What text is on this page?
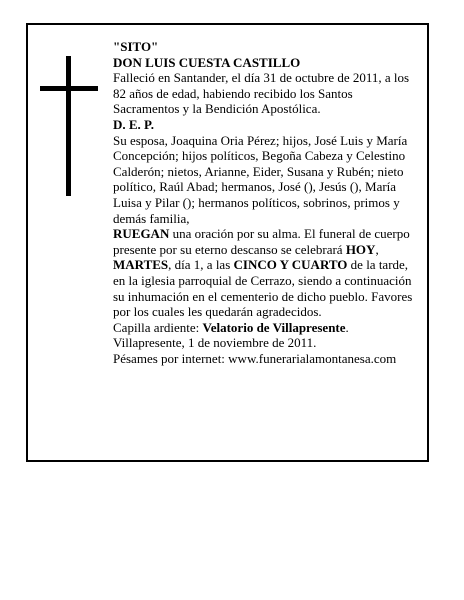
"SITO"

DON LUIS CUESTA CASTILLO

Falleció en Santander, el día 31 de octubre de 2011, a los 82 años de edad, habiendo recibido los Santos Sacramentos y la Bendición Apostólica.

D. E. P.

Su esposa, Joaquina Oria Pérez; hijos, José Luis y María Concepción; hijos políticos, Begoña Cabeza y Celestino Calderón; nietos, Arianne, Eider, Susana y Rubén; nieto político, Raúl Abad; hermanos, José (), Jesús (), María Luisa y Pilar (); hermanos políticos, sobrinos, primos y demás familia,

RUEGAN una oración por su alma. El funeral de cuerpo presente por su eterno descanso se celebrará HOY, MARTES, día 1, a las CINCO Y CUARTO de la tarde, en la iglesia parroquial de Cerrazo, siendo a continuación su inhumación en el cementerio de dicho pueblo. Favores por los cuales les quedarán agradecidos.

Capilla ardiente: Velatorio de Villapresente.

Villapresente, 1 de noviembre de 2011.

Pésames por internet: www.funerarialamontanesa.com
